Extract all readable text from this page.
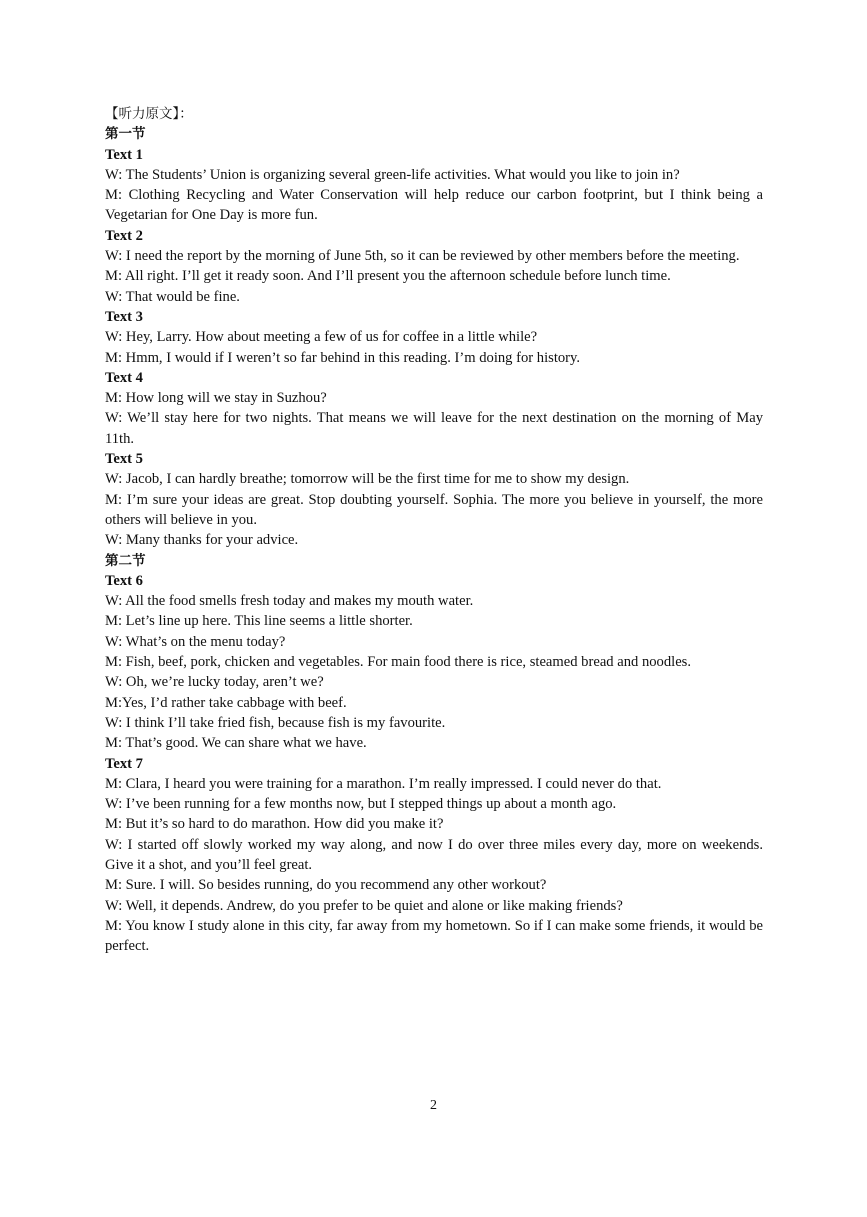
【听力原文】：

第一节

Text 1

W: The Students’ Union is organizing several green-life activities. What would you like to join in?

M: Clothing Recycling and Water Conservation will help reduce our carbon footprint, but I think being a Vegetarian for One Day is more fun.

Text 2

W: I need the report by the morning of June 5th, so it can be reviewed by other members before the meeting.

M: All right. I’ll get it ready soon. And I’ll present you the afternoon schedule before lunch time.

W: That would be fine.

Text 3

W: Hey, Larry. How about meeting a few of us for coffee in a little while?

M: Hmm, I would if I weren’t so far behind in this reading. I’m doing for history.

Text 4

M: How long will we stay in Suzhou?

W: We’ll stay here for two nights. That means we will leave for the next destination on the morning of May 11th.

Text 5

W: Jacob, I can hardly breathe; tomorrow will be the first time for me to show my design.

M: I’m sure your ideas are great. Stop doubting yourself. Sophia. The more you believe in yourself, the more others will believe in you.

W: Many thanks for your advice.

第二节

Text 6

W: All the food smells fresh today and makes my mouth water.

M: Let’s line up here. This line seems a little shorter.

W: What’s on the menu today?

M: Fish, beef, pork, chicken and vegetables. For main food there is rice, steamed bread and noodles.

W: Oh, we’re lucky today, aren’t we?

M:Yes, I’d rather take cabbage with beef.

W: I think I’ll take fried fish, because fish is my favourite.

M: That’s good. We can share what we have.

Text 7

M: Clara, I heard you were training for a marathon. I’m really impressed. I could never do that.

W: I’ve been running for a few months now, but I stepped things up about a month ago.

M: But it’s so hard to do marathon. How did you make it?

W: I started off slowly worked my way along, and now I do over three miles every day, more on weekends. Give it a shot, and you’ll feel great.

M: Sure. I will. So besides running, do you recommend any other workout?

W: Well, it depends. Andrew, do you prefer to be quiet and alone or like making friends?

M: You know I study alone in this city, far away from my hometown. So if I can make some friends, it would be perfect.

2
